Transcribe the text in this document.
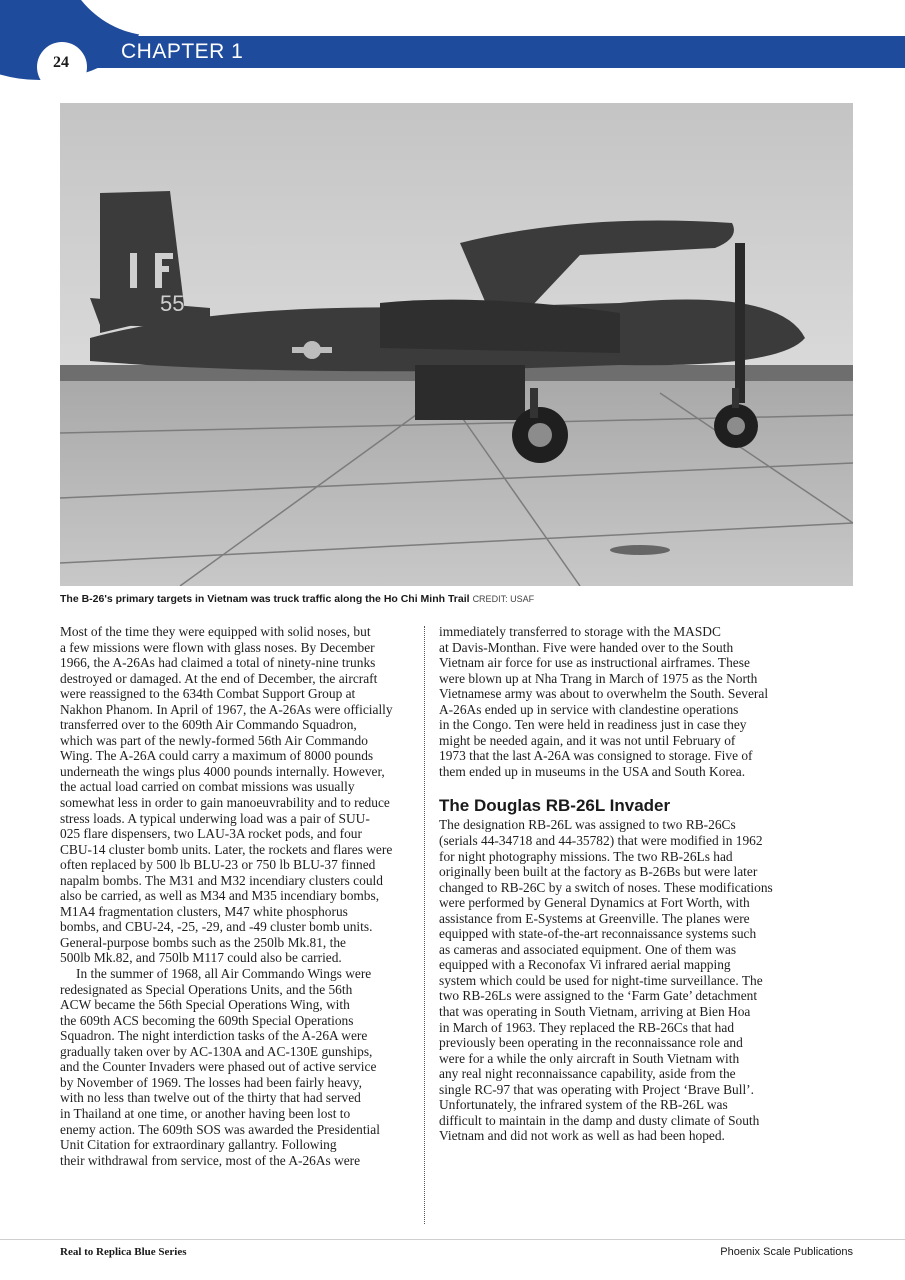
24	CHAPTER 1
55
The B-26's primary targets in Vietnam was truck traffic along the Ho Chi Minh Trail CREDIT: USAF
Most of the time they were equipped with solid noses, but
a few missions were flown with glass noses. By December
1966, the A-26As had claimed a total of ninety-nine trunks
destroyed or damaged. At the end of December, the aircraft
were reassigned to the 634th Combat Support Group at
Nakhon Phanom. In April of 1967, the A-26As were officially
transferred over to the 609th Air Commando Squadron,
which was part of the newly-formed 56th Air Commando
Wing. The A-26A could carry a maximum of 8000 pounds
underneath the wings plus 4000 pounds internally. However,
the actual load carried on combat missions was usually
somewhat less in order to gain manoeuvrability and to reduce
stress loads. A typical underwing load was a pair of SUU-
025 flare dispensers, two LAU-3A rocket pods, and four
CBU-14 cluster bomb units. Later, the rockets and flares were
often replaced by 500 lb BLU-23 or 750 lb BLU-37 finned
napalm bombs. The M31 and M32 incendiary clusters could
also be carried, as well as M34 and M35 incendiary bombs,
M1A4 fragmentation clusters, M47 white phosphorus
bombs, and CBU-24, -25, -29, and -49 cluster bomb units.
General-purpose bombs such as the 250lb Mk.81, the
500lb Mk.82, and 750lb M117 could also be carried.
In the summer of 1968, all Air Commando Wings were
redesignated as Special Operations Units, and the 56th
ACW became the 56th Special Operations Wing, with
the 609th ACS becoming the 609th Special Operations
Squadron. The night interdiction tasks of the A-26A were
gradually taken over by AC-130A and AC-130E gunships,
and the Counter Invaders were phased out of active service
by November of 1969. The losses had been fairly heavy,
with no less than twelve out of the thirty that had served
in Thailand at one time, or another having been lost to
enemy action. The 609th SOS was awarded the Presidential
Unit Citation for extraordinary gallantry. Following
their withdrawal from service, most of the A-26As were
immediately transferred to storage with the MASDC
at Davis-Monthan. Five were handed over to the South
Vietnam air force for use as instructional airframes. These
were blown up at Nha Trang in March of 1975 as the North
Vietnamese army was about to overwhelm the South. Several
A-26As ended up in service with clandestine operations
in the Congo. Ten were held in readiness just in case they
might be needed again, and it was not until February of
1973 that the last A-26A was consigned to storage. Five of
them ended up in museums in the USA and South Korea.
The Douglas RB-26L Invader
The designation RB-26L was assigned to two RB-26Cs
(serials 44-34718 and 44-35782) that were modified in 1962
for night photography missions. The two RB-26Ls had
originally been built at the factory as B-26Bs but were later
changed to RB-26C by a switch of noses. These modifications
were performed by General Dynamics at Fort Worth, with
assistance from E-Systems at Greenville. The planes were
equipped with state-of-the-art reconnaissance systems such
as cameras and associated equipment. One of them was
equipped with a Reconofax Vi infrared aerial mapping
system which could be used for night-time surveillance. The
two RB-26Ls were assigned to the ‘Farm Gate’ detachment
that was operating in South Vietnam, arriving at Bien Hoa
in March of 1963. They replaced the RB-26Cs that had
previously been operating in the reconnaissance role and
were for a while the only aircraft in South Vietnam with
any real night reconnaissance capability, aside from the
single RC-97 that was operating with Project ‘Brave Bull’.
Unfortunately, the infrared system of the RB-26L was
difficult to maintain in the damp and dusty climate of South
Vietnam and did not work as well as had been hoped.
Real to Replica Blue Series	Phoenix Scale Publications
